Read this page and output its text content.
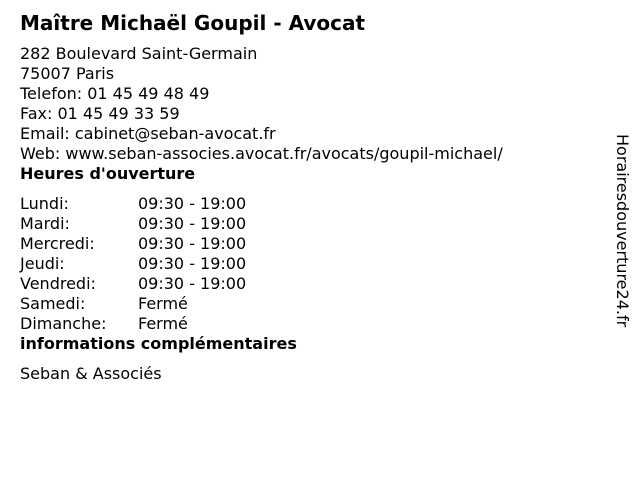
Maître Michaël Goupil - Avocat
282 Boulevard Saint-Germain
75007 Paris
Telefon: 01 45 49 48 49
Fax: 01 45 49 33 59
Email: cabinet@seban-avocat.fr
Web: www.seban-associes.avocat.fr/avocats/goupil-michael/
Heures d'ouverture
Lundi:	09:30 - 19:00
Mardi:	09:30 - 19:00
Mercredi:	09:30 - 19:00
Jeudi:	09:30 - 19:00
Vendredi:	09:30 - 19:00
Samedi:	Fermé
Dimanche:	Fermé
informations complémentaires
Seban & Associés
Horairesdouverture24.fr
